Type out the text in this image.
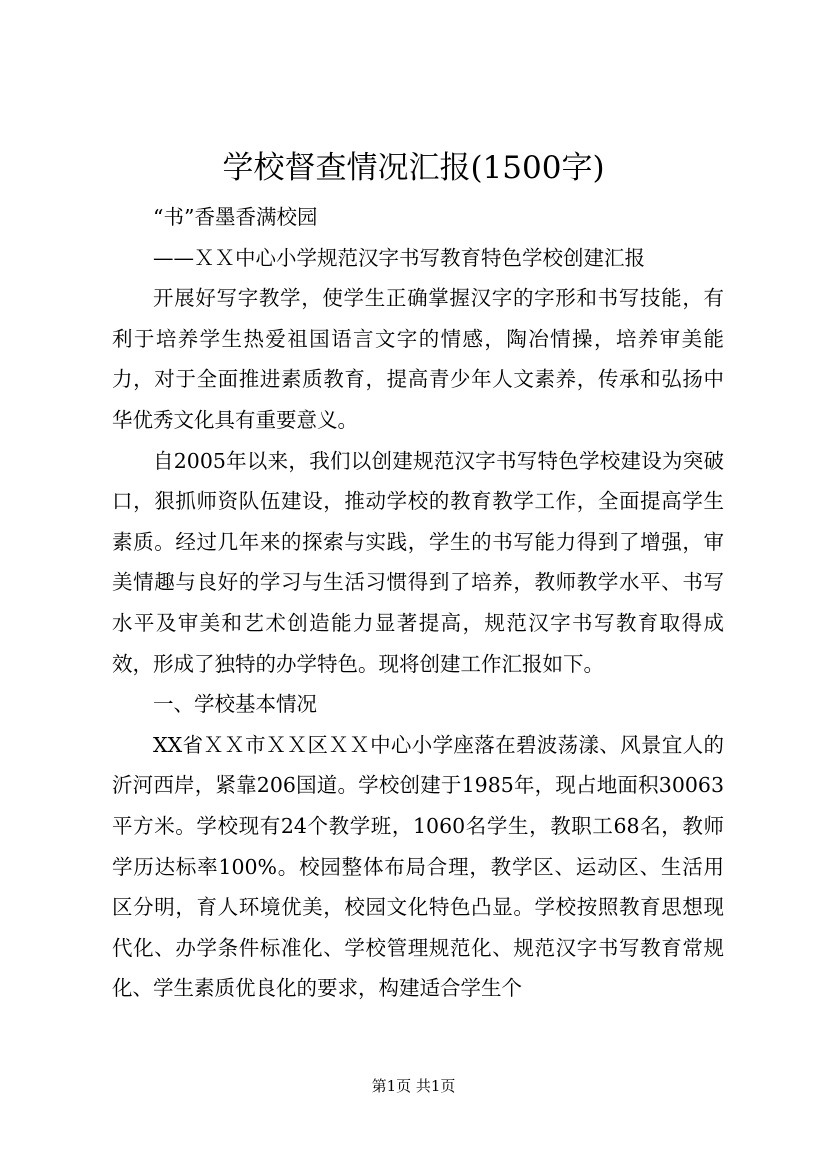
学校督查情况汇报(1500字)

“书”香墨香满校园

——ＸＸ中心小学规范汉字书写教育特色学校创建汇报

开展好写字教学，使学生正确掌握汉字的字形和书写技能，有利于培养学生热爱祖国语言文字的情感，陶冶情操，培养审美能力，对于全面推进素质教育，提高青少年人文素养，传承和弘扬中华优秀文化具有重要意义。

自2005年以来，我们以创建规范汉字书写特色学校建设为突破口，狠抓师资队伍建设，推动学校的教育教学工作，全面提高学生素质。经过几年来的探索与实践，学生的书写能力得到了增强，审美情趣与良好的学习与生活习惯得到了培养，教师教学水平、书写水平及审美和艺术创造能力显著提高，规范汉字书写教育取得成效，形成了独特的办学特色。现将创建工作汇报如下。

一、学校基本情况

XX省ＸＸ市ＸＸ区ＸＸ中心小学座落在碧波荡漾、风景宜人的沂河西岸，紧靠206国道。学校创建于1985年，现占地面积30063平方米。学校现有24个教学班，1060名学生，教职工68名，教师学历达标率100%。校园整体布局合理，教学区、运动区、生活用区分明，育人环境优美，校园文化特色凸显。学校按照教育思想现代化、办学条件标准化、学校管理规范化、规范汉字书写教育常规化、学生素质优良化的要求，构建适合学生个

第1页 共1页
